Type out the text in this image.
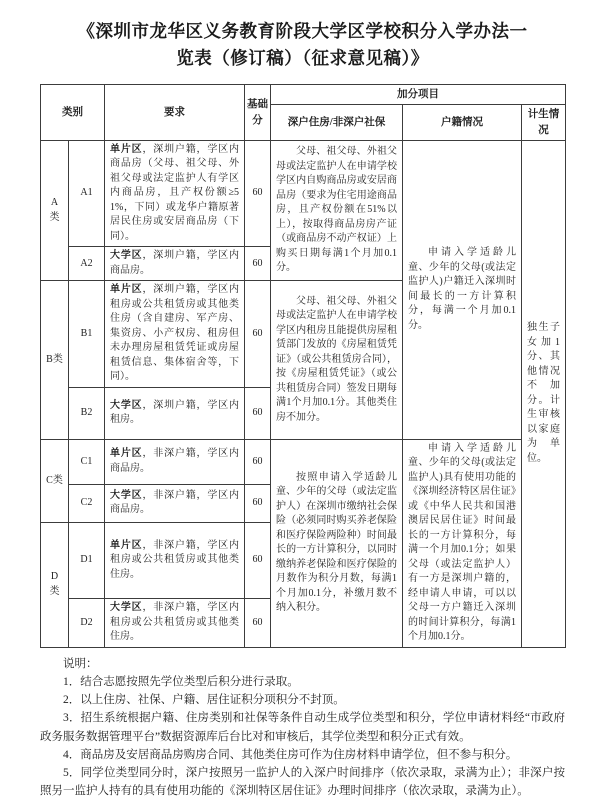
《深圳市龙华区义务教育阶段大学区学校积分入学办法一览表（修订稿）（征求意见稿）》
类别		要求	基础分	加分项目		
				深户住房/非深户社保	户籍情况	计生情况
A类	A1	单片区，深圳户籍，学区内商品房（父母、祖父母、外祖父母或法定监护人有学区内商品房，且产权份额≥51%，下同）或龙华户籍原著居民住房或安居商品房（下同）。	60	父母、祖父母、外祖父母或法定监护人在申请学校学区内自购商品房或安居商品房（要求为住宅用途商品房，且产权份额在51%以上），按取得商品房房产证（或商品房不动产权证）上购买日期每满1个月加0.1分。	申请入学适龄儿童、少年的父母(或法定监护人)户籍迁入深圳时间最长的一方计算积分，每满一个月加0.1分。	独生子女加1分、其他情况不加分。计生审核以家庭为单位。
	A2	大学区，深圳户籍，学区内商品房。	60			
B类	B1	单片区，深圳户籍，学区内租房或公共租赁房或其他类住房（含自建房、军产房、集资房、小产权房、租房但未办理房屋租赁凭证或房屋租赁信息、集体宿舍等，下同）。	60	父母、祖父母、外祖父母或法定监护人在申请学校学区内租房且能提供房屋租赁部门发放的《房屋租赁凭证》（或公共租赁房合同），按《房屋租赁凭证》（或公共租赁房合同）签发日期每满1个月加0.1分。其他类住房不加分。		

	B2	大学区，深圳户籍，学区内租房。	60			
C类	C1	单片区，非深户籍，学区内商品房。	60	按照申请入学适龄儿童、少年的父母（或法定监护人）在深圳市缴纳社会保险（必须同时购买养老保险和医疗保险两险种）时间最长的一方计算积分，以同时缴纳养老保险和医疗保险的月数作为积分月数，每满1个月加0.1分，补缴月数不纳入积分。	申请入学适龄儿童、少年的父母(或法定监护人)具有使用功能的《深圳经济特区居住证》或《中华人民共和国港澳居民居住证》时间最长的一方计算积分，每满一个月加0.1分；如果父母（或法定监护人）有一方是深圳户籍的，经申请人申请，可以以父母一方户籍迁入深圳的时间计算积分，每满1个月加0.1分。	

	C2	大学区，非深户籍，学区内商品房。	60			
D类	D1	单片区，非深户籍，学区内租房或公共租赁房或其他类住房。	60			
	D2	大学区，非深户籍，学区内租房或公共租赁房或其他类住房。	60			

说明：

1．结合志愿按照先学位类型后积分进行录取。

2．以上住房、社保、户籍、居住证积分项积分不封顶。

3．招生系统根据户籍、住房类别和社保等条件自动生成学位类型和积分，学位申请材料经“市政府政务服务数据管理平台”数据资源库后台比对和审核后，其学位类型和积分正式有效。

4．商品房及安居商品房购房合同、其他类住房可作为住房材料申请学位，但不参与积分。

5．同学位类型同分时，深户按照另一监护人的入深户时间排序（依次录取，录满为止）；非深户按照另一监护人持有的具有使用功能的《深圳特区居住证》办理时间排序（依次录取，录满为止）。
